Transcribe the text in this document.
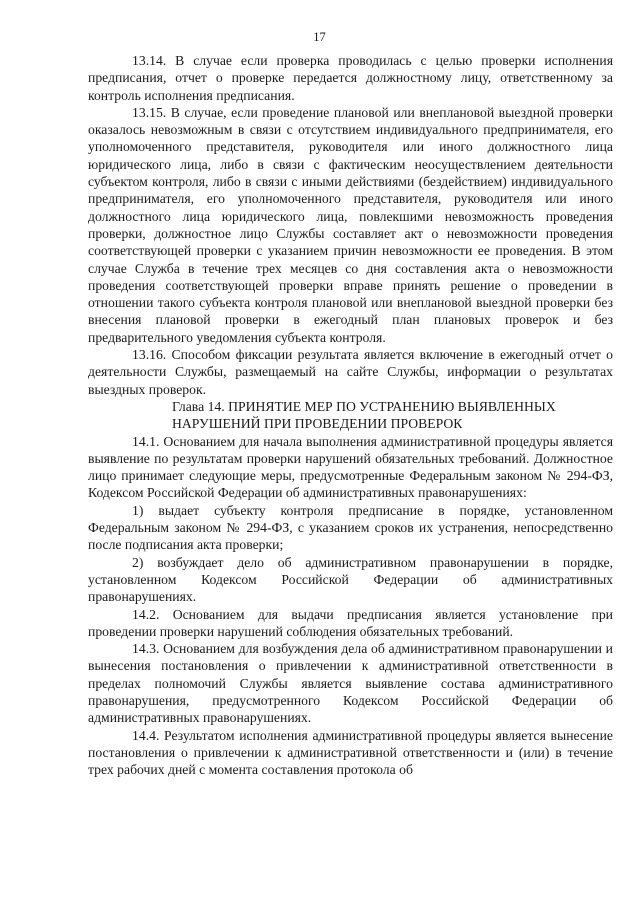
17

13.14. В случае если проверка проводилась с целью проверки исполнения предписания, отчет о проверке передается должностному лицу, ответственному за контроль исполнения предписания.

13.15. В случае, если проведение плановой или внеплановой выездной проверки оказалось невозможным в связи с отсутствием индивидуального предпринимателя, его уполномоченного представителя, руководителя или иного должностного лица юридического лица, либо в связи с фактическим неосуществлением деятельности субъектом контроля, либо в связи с иными действиями (бездействием) индивидуального предпринимателя, его уполномоченного представителя, руководителя или иного должностного лица юридического лица, повлекшими невозможность проведения проверки, должностное лицо Службы составляет акт о невозможности проведения соответствующей проверки с указанием причин невозможности ее проведения. В этом случае Служба в течение трех месяцев со дня составления акта о невозможности проведения соответствующей проверки вправе принять решение о проведении в отношении такого субъекта контроля плановой или внеплановой выездной проверки без внесения плановой проверки в ежегодный план плановых проверок и без предварительного уведомления субъекта контроля.

13.16. Способом фиксации результата является включение в ежегодный отчет о деятельности Службы, размещаемый на сайте Службы, информации о результатах выездных проверок.

Глава 14. ПРИНЯТИЕ МЕР ПО УСТРАНЕНИЮ ВЫЯВЛЕННЫХ
НАРУШЕНИЙ ПРИ ПРОВЕДЕНИИ ПРОВЕРОК

14.1. Основанием для начала выполнения административной процедуры является выявление по результатам проверки нарушений обязательных требований. Должностное лицо принимает следующие меры, предусмотренные Федеральным законом № 294-ФЗ, Кодексом Российской Федерации об административных правонарушениях:

1) выдает субъекту контроля предписание в порядке, установленном Федеральным законом № 294-ФЗ, с указанием сроков их устранения, непосредственно после подписания акта проверки;

2) возбуждает дело об административном правонарушении в порядке, установленном Кодексом Российской Федерации об административных правонарушениях.

14.2. Основанием для выдачи предписания является установление при проведении проверки нарушений соблюдения обязательных требований.

14.3. Основанием для возбуждения дела об административном правонарушении и вынесения постановления о привлечении к административной ответственности в пределах полномочий Службы является выявление состава административного правонарушения, предусмотренного Кодексом Российской Федерации об административных правонарушениях.

14.4. Результатом исполнения административной процедуры является вынесение постановления о привлечении к административной ответственности и (или) в течение трех рабочих дней с момента составления протокола об
